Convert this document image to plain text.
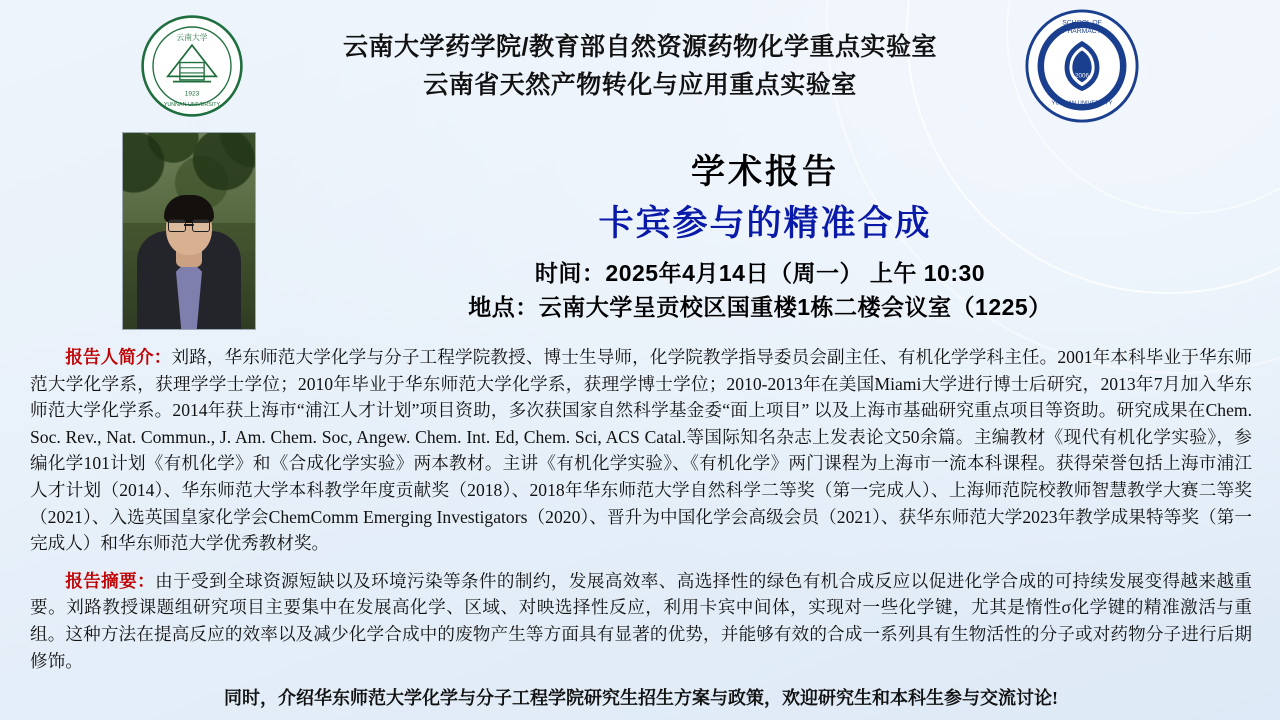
云南大学
1923
YUNNAN UNIVERSITY
云南大学药学院/教育部自然资源药物化学重点实验室
云南省天然产物转化与应用重点实验室
SCHOOL OF
PHARMACY
YUNNAN UNIVERSITY
2006
学术报告
卡宾参与的精准合成
时间：2025年4月14日（周一） 上午 10:30
地点：云南大学呈贡校区国重楼1栋二楼会议室（1225）
报告人简介：刘路，华东师范大学化学与分子工程学院教授、博士生导师，化学院教学指导委员会副主任、有机化学学科主任。2001年本科毕业于华东师范大学化学系，获理学学士学位；2010年毕业于华东师范大学化学系，获理学博士学位；2010-2013年在美国Miami大学进行博士后研究，2013年7月加入华东师范大学化学系。2014年获上海市“浦江人才计划”项目资助，多次获国家自然科学基金委“面上项目” 以及上海市基础研究重点项目等资助。研究成果在Chem. Soc. Rev., Nat. Commun., J. Am. Chem. Soc, Angew. Chem. Int. Ed, Chem. Sci, ACS Catal.等国际知名杂志上发表论文50余篇。主编教材《现代有机化学实验》，参编化学101计划《有机化学》和《合成化学实验》两本教材。主讲《有机化学实验》、《有机化学》两门课程为上海市一流本科课程。获得荣誉包括上海市浦江人才计划（2014）、华东师范大学本科教学年度贡献奖（2018）、2018年华东师范大学自然科学二等奖（第一完成人）、上海师范院校教师智慧教学大赛二等奖（2021）、入选英国皇家化学会ChemComm Emerging Investigators（2020）、晋升为中国化学会高级会员（2021）、获华东师范大学2023年教学成果特等奖（第一完成人）和华东师范大学优秀教材奖。
报告摘要：由于受到全球资源短缺以及环境污染等条件的制约，发展高效率、高选择性的绿色有机合成反应以促进化学合成的可持续发展变得越来越重要。刘路教授课题组研究项目主要集中在发展高化学、区域、对映选择性反应，利用卡宾中间体，实现对一些化学键，尤其是惰性σ化学键的精准激活与重组。这种方法在提高反应的效率以及减少化学合成中的废物产生等方面具有显著的优势，并能够有效的合成一系列具有生物活性的分子或对药物分子进行后期修饰。
同时，介绍华东师范大学化学与分子工程学院研究生招生方案与政策，欢迎研究生和本科生参与交流讨论!
